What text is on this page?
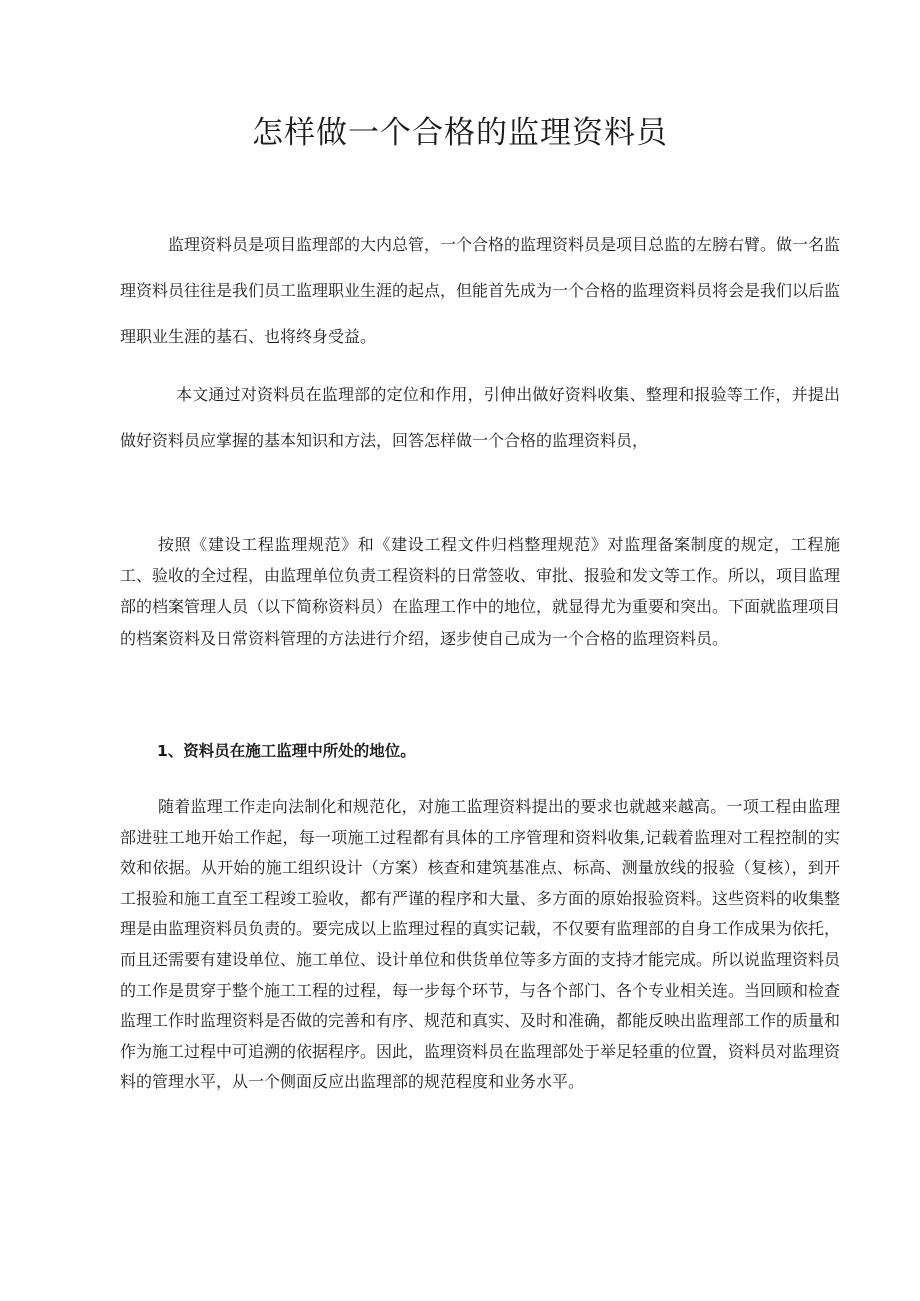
怎样做一个合格的监理资料员

监理资料员是项目监理部的大内总管，一个合格的监理资料员是项目总监的左膀右臂。做一名监理资料员往往是我们员工监理职业生涯的起点，但能首先成为一个合格的监理资料员将会是我们以后监理职业生涯的基石、也将终身受益。

本文通过对资料员在监理部的定位和作用，引伸出做好资料收集、整理和报验等工作，并提出做好资料员应掌握的基本知识和方法，回答怎样做一个合格的监理资料员，

按照《建设工程监理规范》和《建设工程文件归档整理规范》对监理备案制度的规定，工程施工、验收的全过程，由监理单位负责工程资料的日常签收、审批、报验和发文等工作。所以，项目监理部的档案管理人员（以下简称资料员）在监理工作中的地位，就显得尤为重要和突出。下面就监理项目的档案资料及日常资料管理的方法进行介绍，逐步使自己成为一个合格的监理资料员。

1、资料员在施工监理中所处的地位。

随着监理工作走向法制化和规范化，对施工监理资料提出的要求也就越来越高。一项工程由监理部进驻工地开始工作起，每一项施工过程都有具体的工序管理和资料收集,记载着监理对工程控制的实效和依据。从开始的施工组织设计（方案）核查和建筑基准点、标高、测量放线的报验（复核），到开工报验和施工直至工程竣工验收，都有严谨的程序和大量、多方面的原始报验资料。这些资料的收集整理是由监理资料员负责的。要完成以上监理过程的真实记载，不仅要有监理部的自身工作成果为依托，而且还需要有建设单位、施工单位、设计单位和供货单位等多方面的支持才能完成。所以说监理资料员的工作是贯穿于整个施工工程的过程，每一步每个环节，与各个部门、各个专业相关连。当回顾和检查监理工作时监理资料是否做的完善和有序、规范和真实、及时和准确，都能反映出监理部工作的质量和作为施工过程中可追溯的依据程序。因此，监理资料员在监理部处于举足轻重的位置，资料员对监理资料的管理水平，从一个侧面反应出监理部的规范程度和业务水平。
